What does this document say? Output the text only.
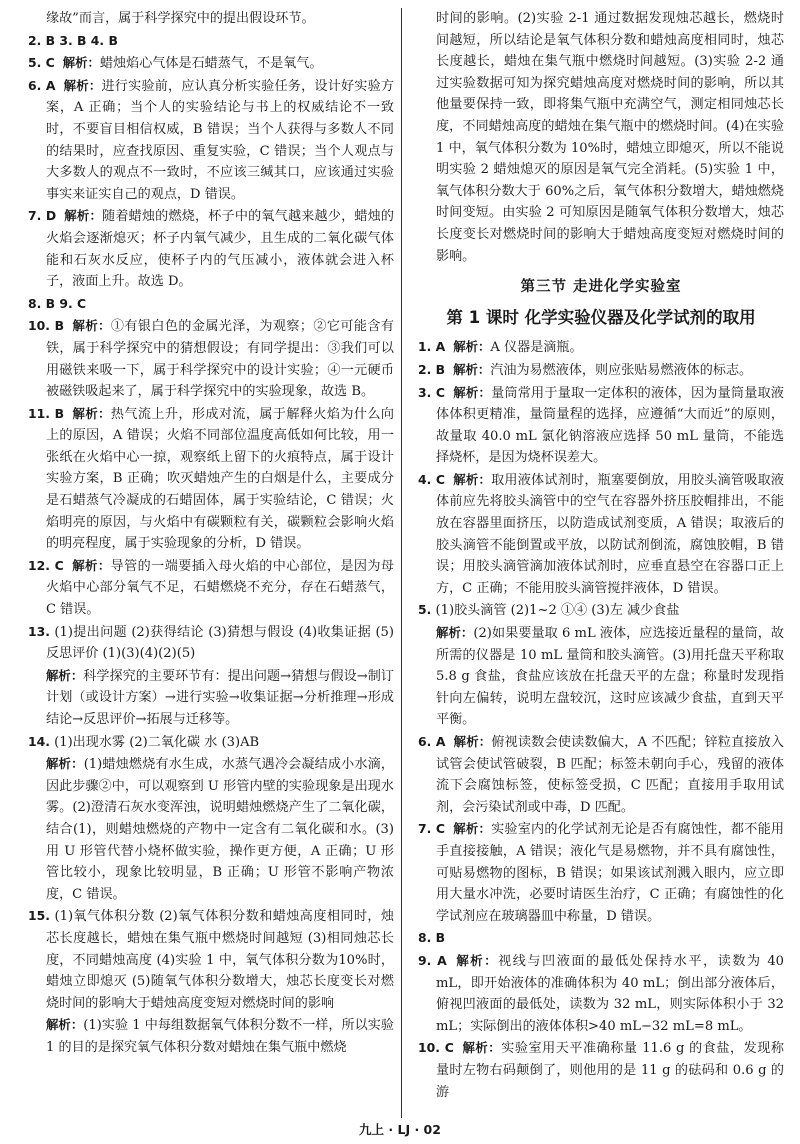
缘故”而言，属于科学探究中的提出假设环节。

2. B 3. B 4. B

5. C 解析：蜡烛焰心气体是石蜡蒸气，不是氧气。

6. A 解析：进行实验前，应认真分析实验任务，设计好实验方案，A 正确；当个人的实验结论与书上的权威结论不一致时，不要盲目相信权威，B 错误；当个人获得与多数人不同的结果时，应查找原因、重复实验，C 错误；当个人观点与大多数人的观点不一致时，不应该三缄其口，应该通过实验事实来证实自己的观点，D 错误。

7. D 解析：随着蜡烛的燃烧，杯子中的氧气越来越少，蜡烛的火焰会逐渐熄灭；杯子内氧气减少，且生成的二氧化碳气体能和石灰水反应，使杯子内的气压减小，液体就会进入杯子，液面上升。故选 D。

8. B 9. C

10. B 解析：①有银白色的金属光泽，为观察；②它可能含有铁，属于科学探究中的猜想假设；有同学提出：③我们可以用磁铁来吸一下，属于科学探究中的设计实验；④一元硬币被磁铁吸起来了，属于科学探究中的实验现象，故选 B。

11. B 解析：热气流上升，形成对流，属于解释火焰为什么向上的原因，A 错误；火焰不同部位温度高低如何比较，用一张纸在火焰中心一掠，观察纸上留下的火痕特点，属于设计实验方案，B 正确；吹灭蜡烛产生的白烟是什么，主要成分是石蜡蒸气冷凝成的石蜡固体，属于实验结论，C 错误；火焰明亮的原因，与火焰中有碳颗粒有关，碳颗粒会影响火焰的明亮程度，属于实验现象的分析，D 错误。

12. C 解析：导管的一端要插入母火焰的中心部位，是因为母火焰中心部分氧气不足，石蜡燃烧不充分，存在石蜡蒸气，C 错误。

13. (1)提出问题 (2)获得结论 (3)猜想与假设 (4)收集证据 (5)反思评价 (1)(3)(4)(2)(5)

解析：科学探究的主要环节有：提出问题→猜想与假设→制订计划（或设计方案）→进行实验→收集证据→分析推理→形成结论→反思评价→拓展与迁移等。

14. (1)出现水雾 (2)二氧化碳 水 (3)AB

解析：(1)蜡烛燃烧有水生成，水蒸气遇冷会凝结成小水滴，因此步骤②中，可以观察到 U 形管内壁的实验现象是出现水雾。(2)澄清石灰水变浑浊，说明蜡烛燃烧产生了二氧化碳，结合(1)，则蜡烛燃烧的产物中一定含有二氧化碳和水。(3)用 U 形管代替小烧杯做实验，操作更方便，A 正确；U 形管比较小，现象比较明显，B 正确；U 形管不影响产物浓度，C 错误。

15. (1)氧气体积分数 (2)氧气体积分数和蜡烛高度相同时，烛芯长度越长，蜡烛在集气瓶中燃烧时间越短 (3)相同烛芯长度，不同蜡烛高度 (4)实验 1 中，氧气体积分数为10%时，蜡烛立即熄灭 (5)随氧气体积分数增大，烛芯长度变长对燃烧时间的影响大于蜡烛高度变短对燃烧时间的影响

解析：(1)实验 1 中每组数据氧气体积分数不一样，所以实验 1 的目的是探究氧气体积分数对蜡烛在集气瓶中燃烧

时间的影响。(2)实验 2-1 通过数据发现烛芯越长，燃烧时间越短，所以结论是氧气体积分数和蜡烛高度相同时，烛芯长度越长，蜡烛在集气瓶中燃烧时间越短。(3)实验 2-2 通过实验数据可知为探究蜡烛高度对燃烧时间的影响，所以其他量要保持一致，即将集气瓶中充满空气，测定相同烛芯长度，不同蜡烛高度的蜡烛在集气瓶中的燃烧时间。(4)在实验 1 中，氧气体积分数为 10%时，蜡烛立即熄灭，所以不能说明实验 2 蜡烛熄灭的原因是氧气完全消耗。(5)实验 1 中，氧气体积分数大于 60%之后，氧气体积分数增大，蜡烛燃烧时间变短。由实验 2 可知原因是随氧气体积分数增大，烛芯长度变长对燃烧时间的影响大于蜡烛高度变短对燃烧时间的影响。

第三节 走进化学实验室
第 1 课时 化学实验仪器及化学试剂的取用

1. A 解析：A 仪器是滴瓶。

2. B 解析：汽油为易燃液体，则应张贴易燃液体的标志。

3. C 解析：量筒常用于量取一定体积的液体，因为量筒量取液体体积更精准，量筒量程的选择，应遵循“大而近”的原则，故量取 40.0 mL 氯化钠溶液应选择 50 mL 量筒，不能选择烧杯，是因为烧杯误差大。

4. C 解析：取用液体试剂时，瓶塞要倒放，用胶头滴管吸取液体前应先将胶头滴管中的空气在容器外挤压胶帽排出，不能放在容器里面挤压，以防造成试剂变质，A 错误；取液后的胶头滴管不能倒置或平放，以防试剂倒流，腐蚀胶帽，B 错误；用胶头滴管滴加液体试剂时，应垂直悬空在容器口正上方，C 正确；不能用胶头滴管搅拌液体，D 错误。

5. (1)胶头滴管 (2)1~2 ①④ (3)左 减少食盐

解析：(2)如果要量取 6 mL 液体，应选接近量程的量筒，故所需的仪器是 10 mL 量筒和胶头滴管。(3)用托盘天平称取 5.8 g 食盐，食盐应该放在托盘天平的左盘；称量时发现指针向左偏转，说明左盘较沉，这时应该减少食盐，直到天平平衡。

6. A 解析：俯视读数会使读数偏大，A 不匹配；锌粒直接放入试管会使试管破裂，B 匹配；标签未朝向手心，残留的液体流下会腐蚀标签，使标签受损，C 匹配；直接用手取用试剂，会污染试剂或中毒，D 匹配。

7. C 解析：实验室内的化学试剂无论是否有腐蚀性，都不能用手直接接触，A 错误；液化气是易燃物，并不具有腐蚀性，可贴易燃物的图标，B 错误；如果该试剂溅入眼内，应立即用大量水冲洗，必要时请医生治疗，C 正确；有腐蚀性的化学试剂应在玻璃器皿中称量，D 错误。

8. B

9. A 解析：视线与凹液面的最低处保持水平，读数为 40 mL，即开始液体的准确体积为 40 mL；倒出部分液体后，俯视凹液面的最低处，读数为 32 mL，则实际体积小于 32 mL；实际倒出的液体体积>40 mL−32 mL=8 mL。

10. C 解析：实验室用天平准确称量 11.6 g 的食盐，发现称量时左物右码颠倒了，则他用的是 11 g 的砝码和 0.6 g 的游

九上 · LJ · 02
